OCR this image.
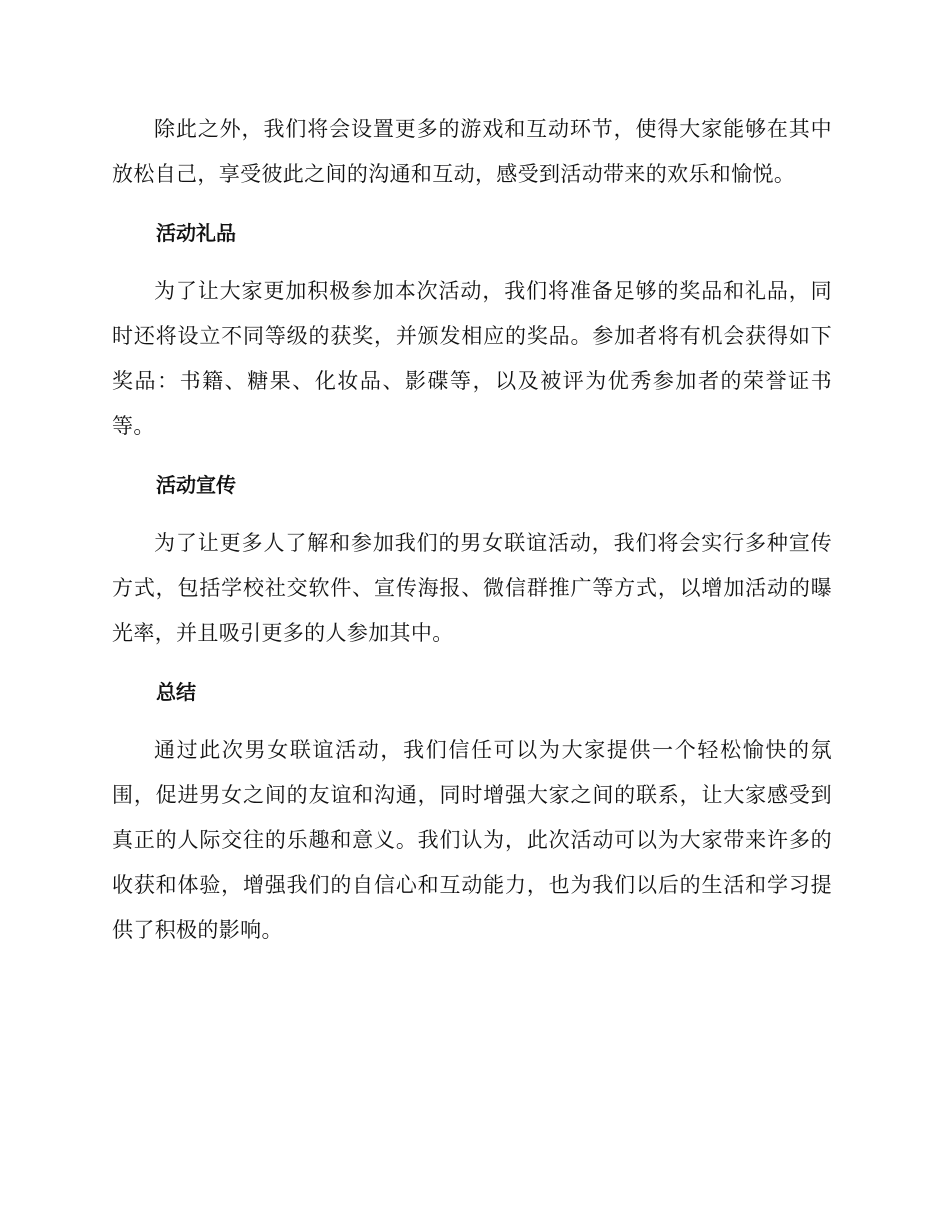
除此之外，我们将会设置更多的游戏和互动环节，使得大家能够在其中放松自己，享受彼此之间的沟通和互动，感受到活动带来的欢乐和愉悦。

活动礼品

为了让大家更加积极参加本次活动，我们将准备足够的奖品和礼品，同时还将设立不同等级的获奖，并颁发相应的奖品。参加者将有机会获得如下奖品：书籍、糖果、化妆品、影碟等，以及被评为优秀参加者的荣誉证书等。

活动宣传

为了让更多人了解和参加我们的男女联谊活动，我们将会实行多种宣传方式，包括学校社交软件、宣传海报、微信群推广等方式，以增加活动的曝光率，并且吸引更多的人参加其中。

总结

通过此次男女联谊活动，我们信任可以为大家提供一个轻松愉快的氛围，促进男女之间的友谊和沟通，同时增强大家之间的联系，让大家感受到真正的人际交往的乐趣和意义。我们认为，此次活动可以为大家带来许多的收获和体验，增强我们的自信心和互动能力，也为我们以后的生活和学习提供了积极的影响。
